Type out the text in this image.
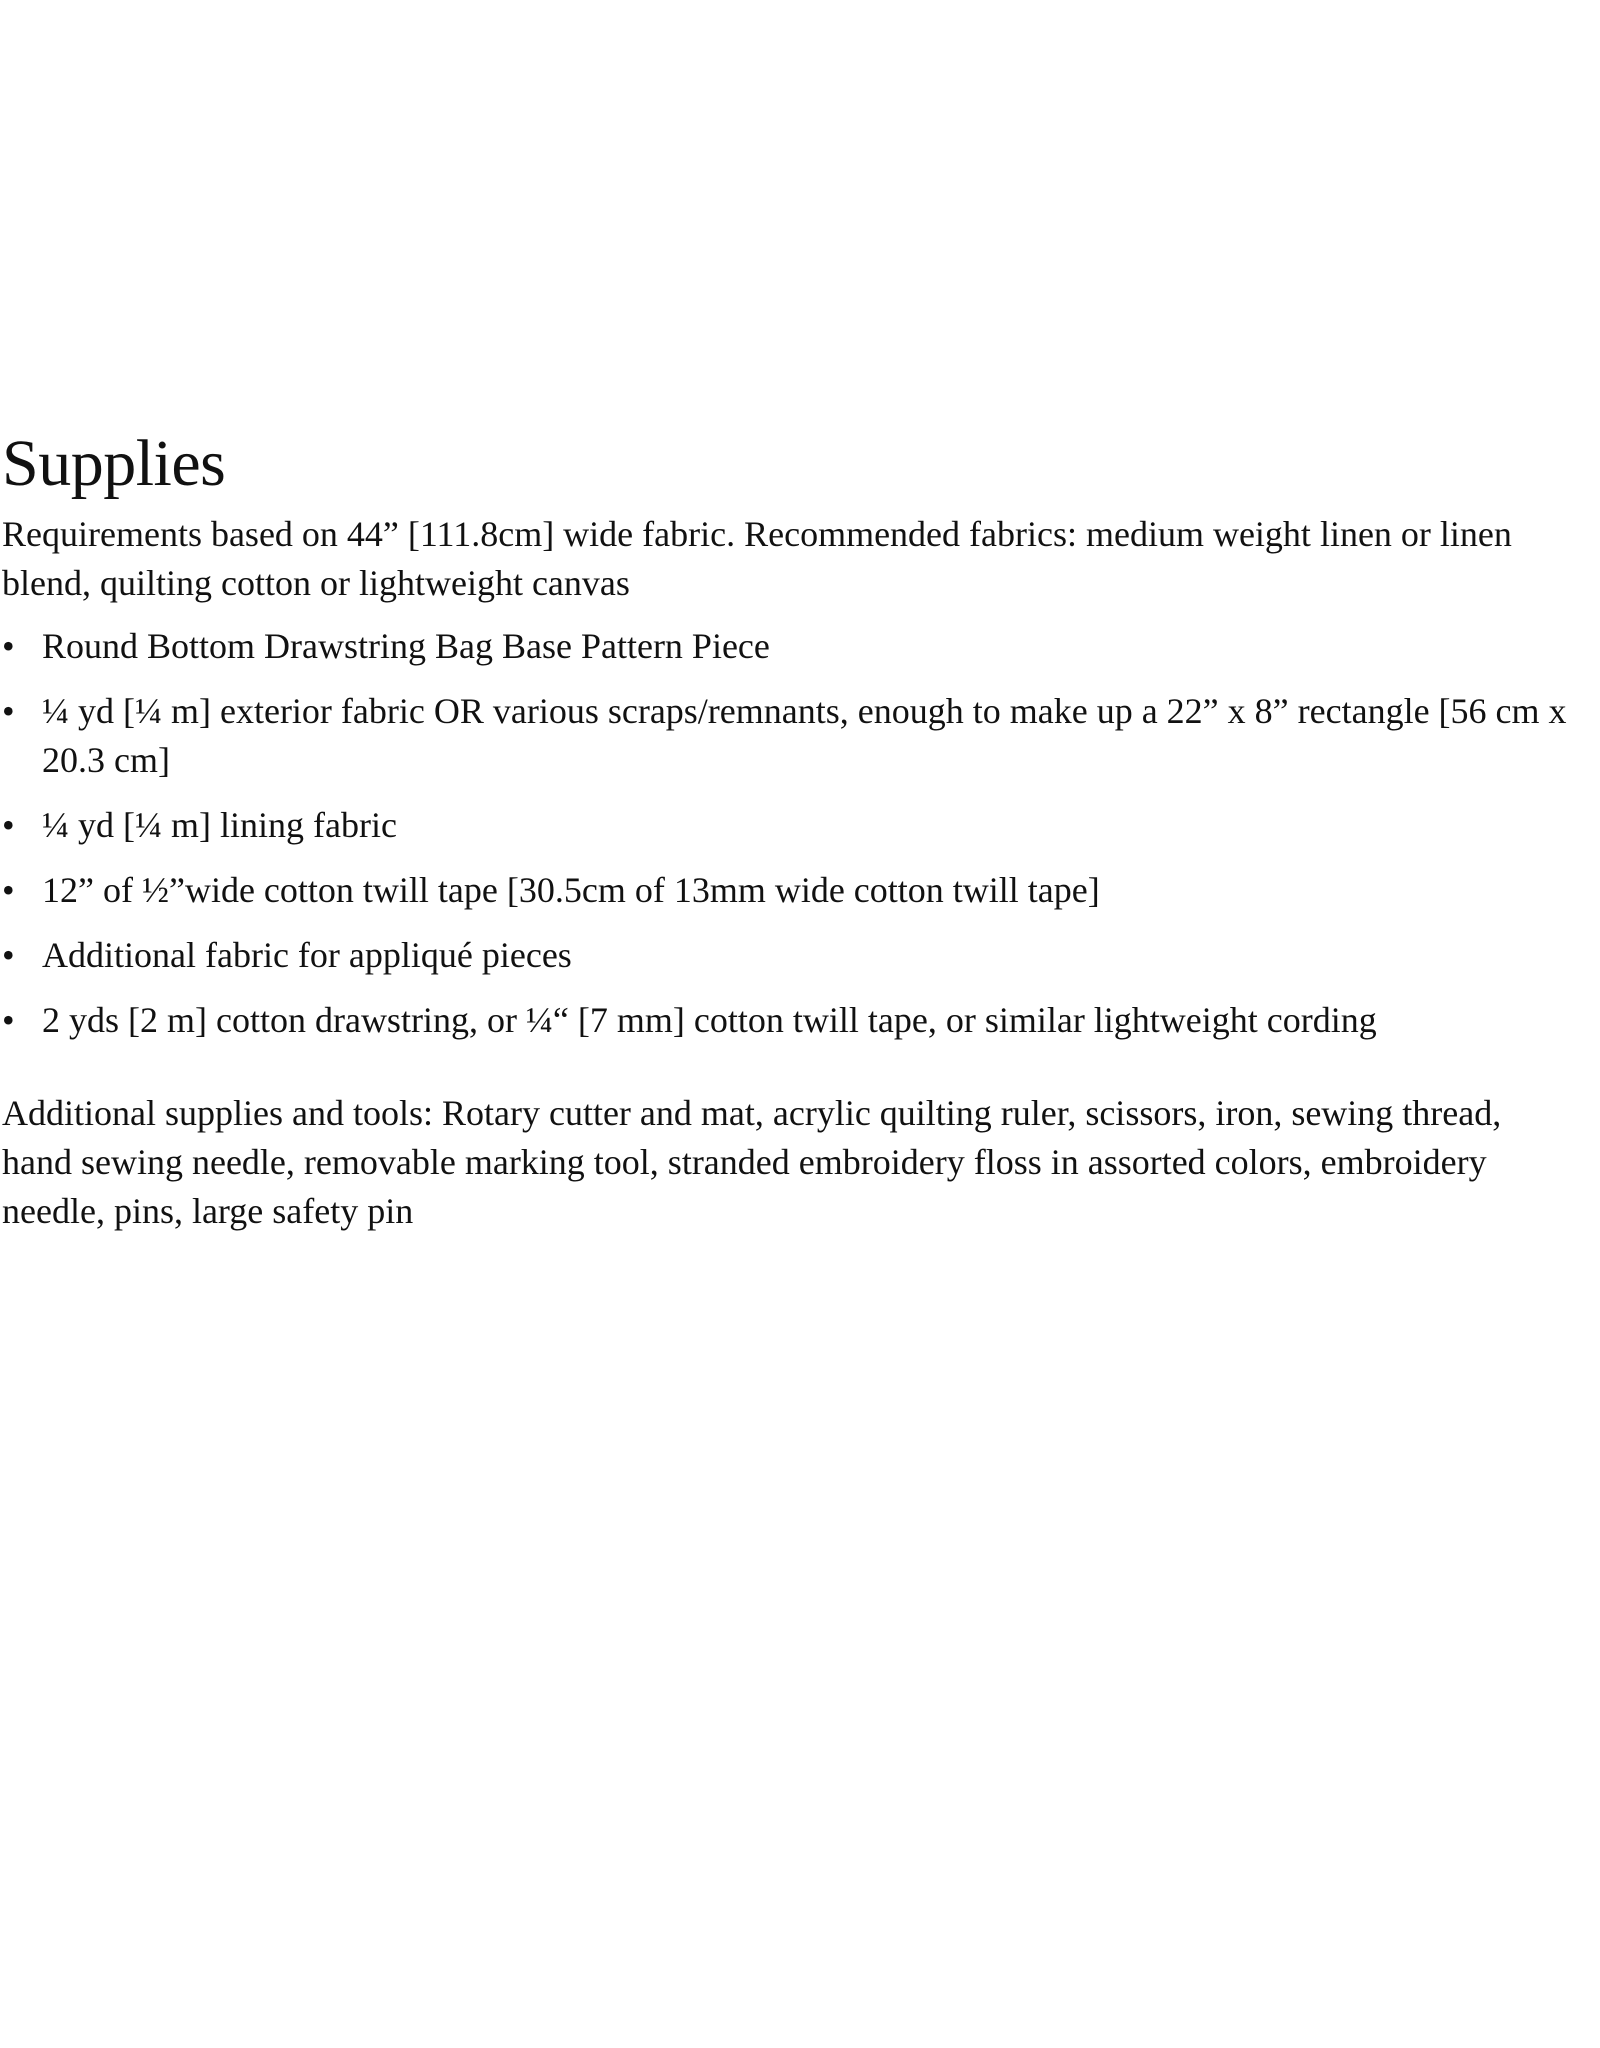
Supplies

Requirements based on 44” [111.8cm] wide fabric. Recommended fabrics: medium weight linen or linen blend, quilting cotton or lightweight canvas

• Round Bottom Drawstring Bag Base Pattern Piece
• ¼ yd [¼ m] exterior fabric OR various scraps/remnants, enough to make up a 22” x 8” rectangle [56 cm x 20.3 cm]
• ¼ yd [¼ m] lining fabric
• 12” of ½”wide cotton twill tape [30.5cm of 13mm wide cotton twill tape]
• Additional fabric for appliqué pieces
• 2 yds [2 m] cotton drawstring, or ¼“ [7 mm] cotton twill tape, or similar lightweight cording

Additional supplies and tools: Rotary cutter and mat, acrylic quilting ruler, scissors, iron, sewing thread, hand sewing needle, removable marking tool, stranded embroidery floss in assorted colors, embroidery needle, pins, large safety pin
